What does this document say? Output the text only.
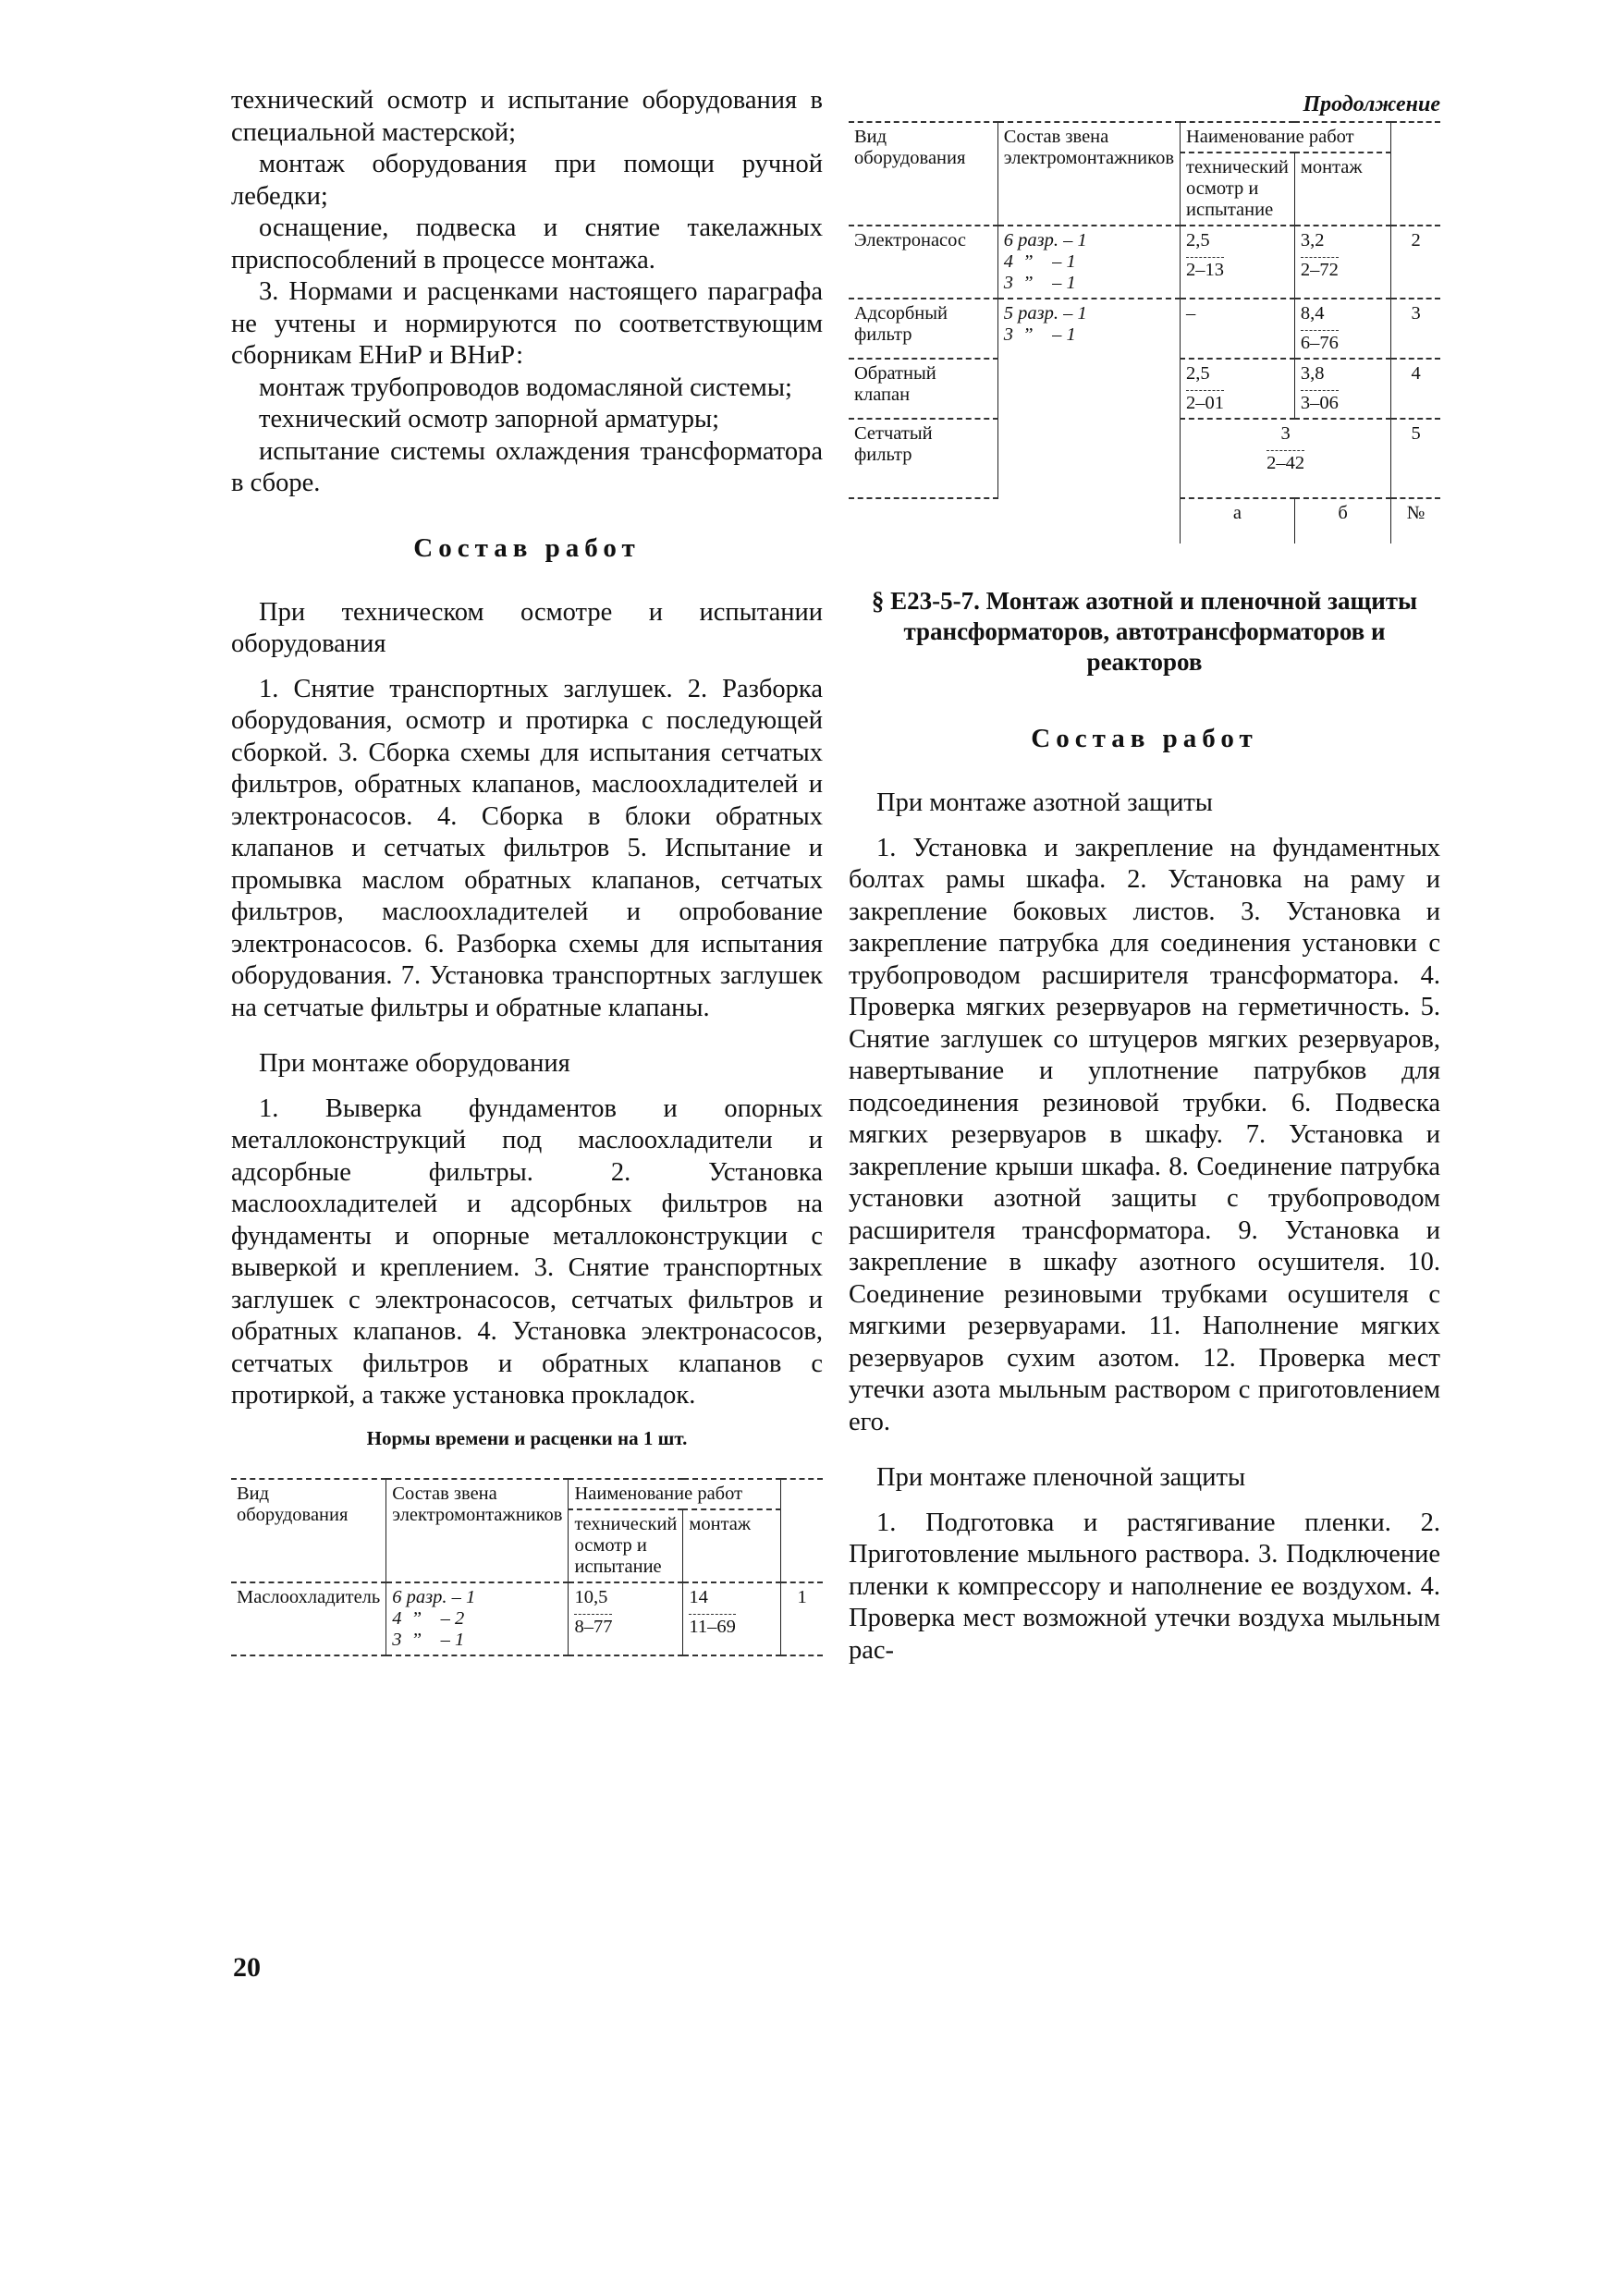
технический осмотр и испытание оборудования в специальной мастерской;

монтаж оборудования при помощи ручной лебедки;

оснащение, подвеска и снятие такелажных приспособлений в процессе монтажа.

3. Нормами и расценками настоящего параграфа не учтены и нормируются по соответствующим сборникам ЕНиР и ВНиР:

монтаж трубопроводов водомасляной системы;

технический осмотр запорной арматуры;

испытание системы охлаждения трансформатора в сборе.

Состав работ

При техническом осмотре и испытании оборудования

1. Снятие транспортных заглушек. 2. Разборка оборудования, осмотр и протирка с последующей сборкой. 3. Сборка схемы для испытания сетчатых фильтров, обратных клапанов, маслоохладителей и электронасосов. 4. Сборка в блоки обратных клапанов и сетчатых фильтров 5. Испытание и промывка маслом обратных клапанов, сетчатых фильтров, маслоохладителей и опробование электронасосов. 6. Разборка схемы для испытания оборудования. 7. Установка транспортных заглушек на сетчатые фильтры и обратные клапаны.

При монтаже оборудования

1. Выверка фундаментов и опорных металлоконструкций под маслоохладители и адсорбные фильтры. 2. Установка маслоохладителей и адсорбных фильтров на фундаменты и опорные металлоконструкции с выверкой и креплением. 3. Снятие транспортных заглушек с электронасосов, сетчатых фильтров и обратных клапанов. 4. Установка электронасосов, сетчатых фильтров и обратных клапанов с протиркой, а также установка прокладок.

Нормы времени и расценки на 1 шт.
Вид оборудования	Состав звена электромонтажников	Наименование работ		
		технический осмотр и испытание	монтаж	
Маслоохладитель	6 разр. – 1
4  ”    – 2
3  ”    – 1	$\frac{10,5}{8-77}$	$\frac{14}{11-69}$	1
Продолжение
Вид оборудования	Состав звена электромонтажников	Наименование работ		
		технический осмотр и испытание	монтаж	
Электронасос	6 разр. – 1
4  ”    – 1
3  ”    – 1	$\frac{2,5}{2-13}$	$\frac{3,2}{2-72}$	2
Адсорбный фильтр	5 разр. – 1
3  ”    – 1	–	$\frac{8,4}{6-76}$	3
Обратный клапан		$\frac{2,5}{2-01}$	$\frac{3,8}{3-06}$	4
Сетчатый фильтр		$\frac{3}{2-42}$		5
		а	б	№

§ Е23-5-7. Монтаж азотной и пленочной защиты трансформаторов, автотрансформаторов и реакторов

Состав работ

При монтаже азотной защиты

1. Установка и закрепление на фундаментных болтах рамы шкафа. 2. Установка на раму и закрепление боковых листов. 3. Установка и закрепление патрубка для соединения установки с трубопроводом расширителя трансформатора. 4. Проверка мягких резервуаров на герметичность. 5. Снятие заглушек со штуцеров мягких резервуаров, навертывание и уплотнение патрубков для подсоединения резиновой трубки. 6. Подвеска мягких резервуаров в шкафу. 7. Установка и закрепление крыши шкафа. 8. Соединение патрубка установки азотной защиты с трубопроводом расширителя трансформатора. 9. Установка и закрепление в шкафу азотного осушителя. 10. Соединение резиновыми трубками осушителя с мягкими резервуарами. 11. Наполнение мягких резервуаров сухим азотом. 12. Проверка мест утечки азота мыльным раствором с приготовлением его.

При монтаже пленочной защиты

1. Подготовка и растягивание пленки. 2. Приготовление мыльного раствора. 3. Подключение пленки к компрессору и наполнение ее воздухом. 4. Проверка мест возможной утечки воздуха мыльным рас-

20
